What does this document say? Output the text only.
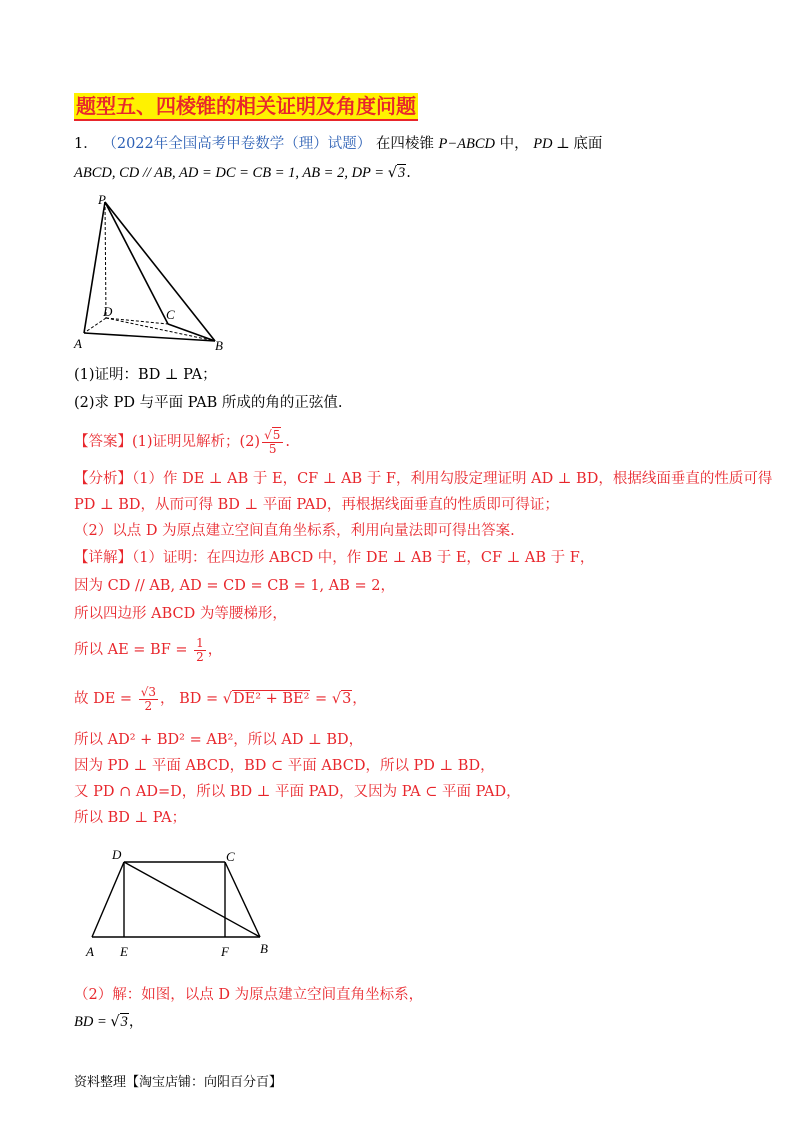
题型五、四棱锥的相关证明及角度问题
1． （2022年全国高考甲卷数学（理）试题） 在四棱锥 P−ABCD 中， PD ⊥ 底面
ABCD, CD // AB, AD = DC = CB = 1, AB = 2, DP = √3.
P
D	C
A	B
(1)证明：BD ⊥ PA；
(2)求 PD 与平面 PAB 所成的角的正弦值.
【答案】(1)证明见解析；$(2) \frac{√5}{5}$ .
【分析】（1）作 DE ⊥ AB 于 E，CF ⊥ AB 于 F，利用勾股定理证明 AD ⊥ BD，根据线面垂直的性质可得
PD ⊥ BD，从而可得 BD ⊥ 平面 PAD，再根据线面垂直的性质即可得证；
（2）以点 D 为原点建立空间直角坐标系，利用向量法即可得出答案.
【详解】（1）证明：在四边形 ABCD 中，作 DE ⊥ AB 于 E，CF ⊥ AB 于 F，
因为 CD // AB, AD = CD = CB = 1, AB = 2，
所以四边形 ABCD 为等腰梯形，
所以 AE = BF = $\frac{1}{2}$ ，
故 DE = $\frac{√3}{2}$ ， BD = √DE² + BE² = √3，
所以 AD² + BD² = AB²，所以 AD ⊥ BD，
因为 PD ⊥ 平面 ABCD，BD ⊂ 平面 ABCD，所以 PD ⊥ BD，
又 PD ∩ AD=D，所以 BD ⊥ 平面 PAD，又因为 PA ⊂ 平面 PAD，
所以 BD ⊥ PA；
D	C
A E	F B
（2）解：如图，以点 D 为原点建立空间直角坐标系，
BD = √3，
资料整理【淘宝店铺：向阳百分百】
